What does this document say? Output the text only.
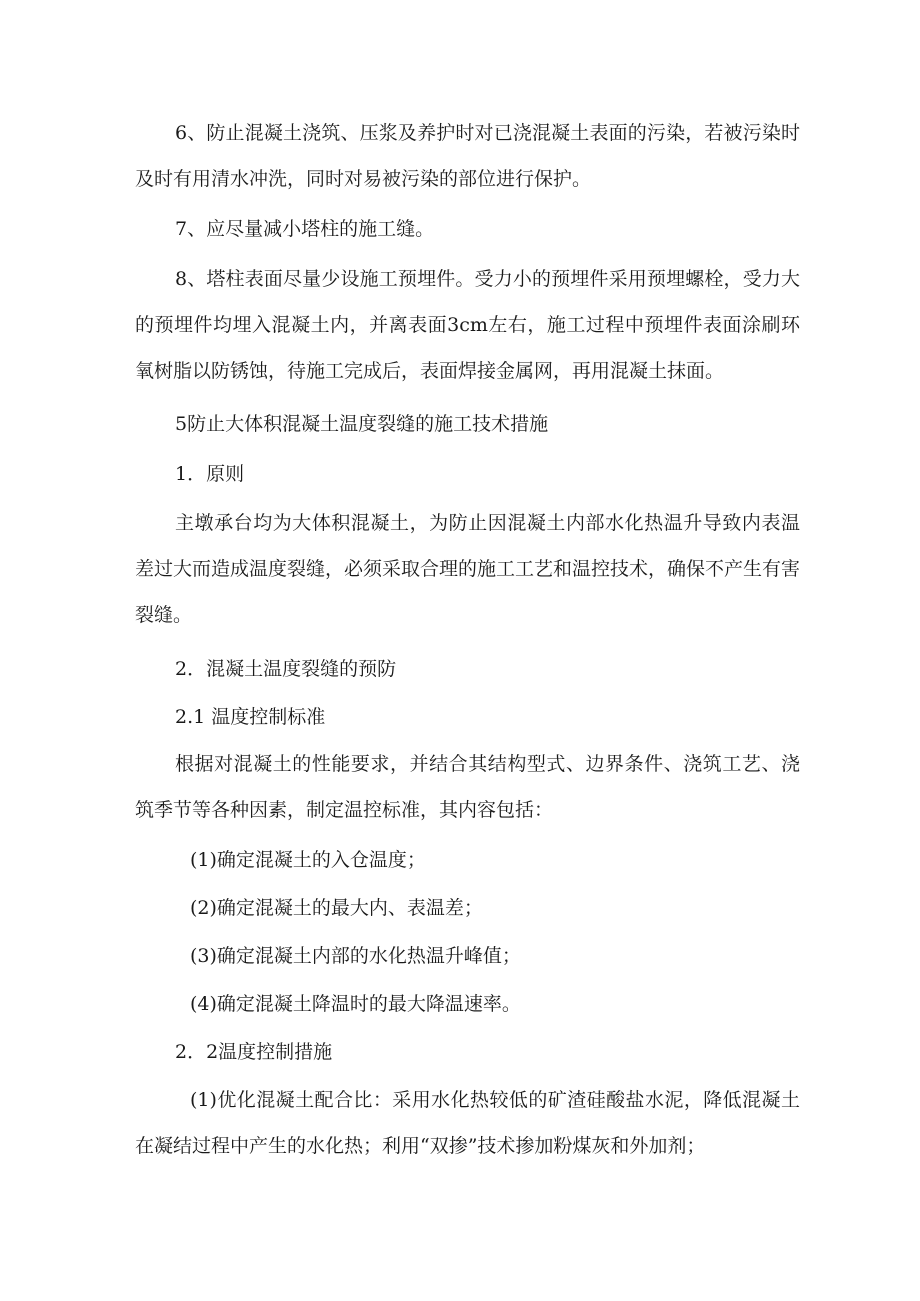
6、防止混凝土浇筑、压浆及养护时对已浇混凝土表面的污染，若被污染时及时有用清水冲洗，同时对易被污染的部位进行保护。

7、应尽量减小塔柱的施工缝。

8、塔柱表面尽量少设施工预埋件。受力小的预埋件采用预埋螺栓，受力大的预埋件均埋入混凝土内，并离表面3cm左右，施工过程中预埋件表面涂刷环氧树脂以防锈蚀，待施工完成后，表面焊接金属网，再用混凝土抹面。

5防止大体积混凝土温度裂缝的施工技术措施

1．原则

主墩承台均为大体积混凝土，为防止因混凝土内部水化热温升导致内表温差过大而造成温度裂缝，必须采取合理的施工工艺和温控技术，确保不产生有害裂缝。

2．混凝土温度裂缝的预防

2.1 温度控制标准

根据对混凝土的性能要求，并结合其结构型式、边界条件、浇筑工艺、浇筑季节等各种因素，制定温控标准，其内容包括：

(1)确定混凝土的入仓温度；

(2)确定混凝土的最大内、表温差；

(3)确定混凝土内部的水化热温升峰值；

(4)确定混凝土降温时的最大降温速率。

2．2温度控制措施

(1)优化混凝土配合比：采用水化热较低的矿渣硅酸盐水泥，降低混凝土在凝结过程中产生的水化热；利用“双掺”技术掺加粉煤灰和外加剂；
